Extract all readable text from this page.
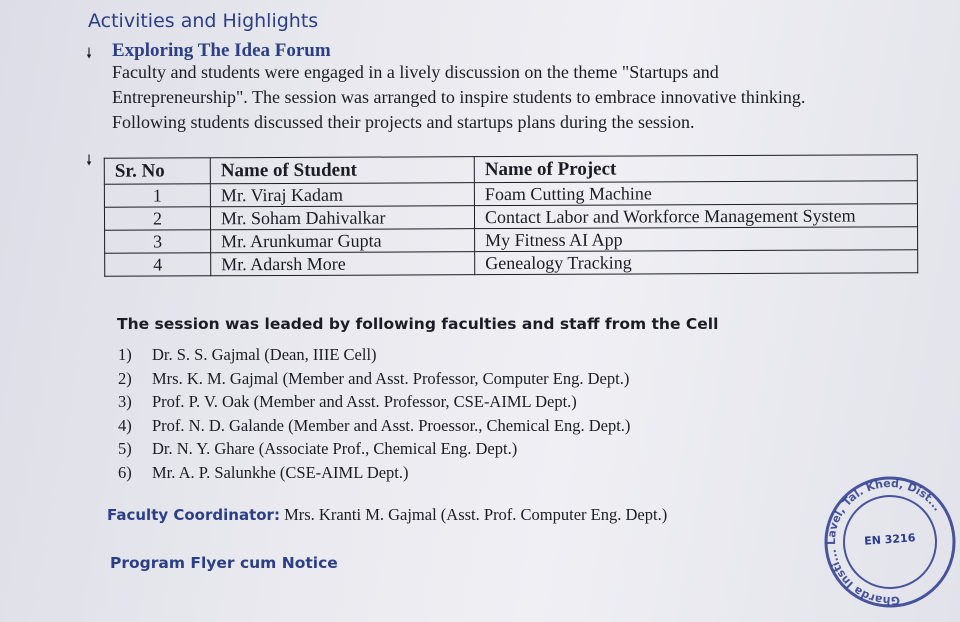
Activities and Highlights
🠗 Exploring The Idea Forum

Faculty and students were engaged in a lively discussion on the theme "Startups and

Entrepreneurship". The session was arranged to inspire students to embrace innovative thinking.

Following students discussed their projects and startups plans during the session.

🠗 Sr. No	Name of Student	Name of Project
1	Mr. Viraj Kadam	Foam Cutting Machine
2	Mr. Soham Dahivalkar	Contact Labor and Workforce Management System
3	Mr. Arunkumar Gupta	My Fitness AI App
4	Mr. Adarsh More	Genealogy Tracking
The session was leaded by following faculties and staff from the Cell
1) Dr. S. S. Gajmal (Dean, IIIE Cell)
2) Mrs. K. M. Gajmal (Member and Asst. Professor, Computer Eng. Dept.)
3) Prof. P. V. Oak (Member and Asst. Professor, CSE-AIML Dept.)
4) Prof. N. D. Galande (Member and Asst. Proessor., Chemical Eng. Dept.)
5) Dr. N. Y. Ghare (Associate Prof., Chemical Eng. Dept.)
6) Mr. A. P. Salunkhe (CSE-AIML Dept.)
Faculty Coordinator: Mrs. Kranti M. Gajmal (Asst. Prof. Computer Eng. Dept.)
Program Flyer cum Notice
Gharda Insti... Lavel, Tal. Khed, Dist...
EN 3216
